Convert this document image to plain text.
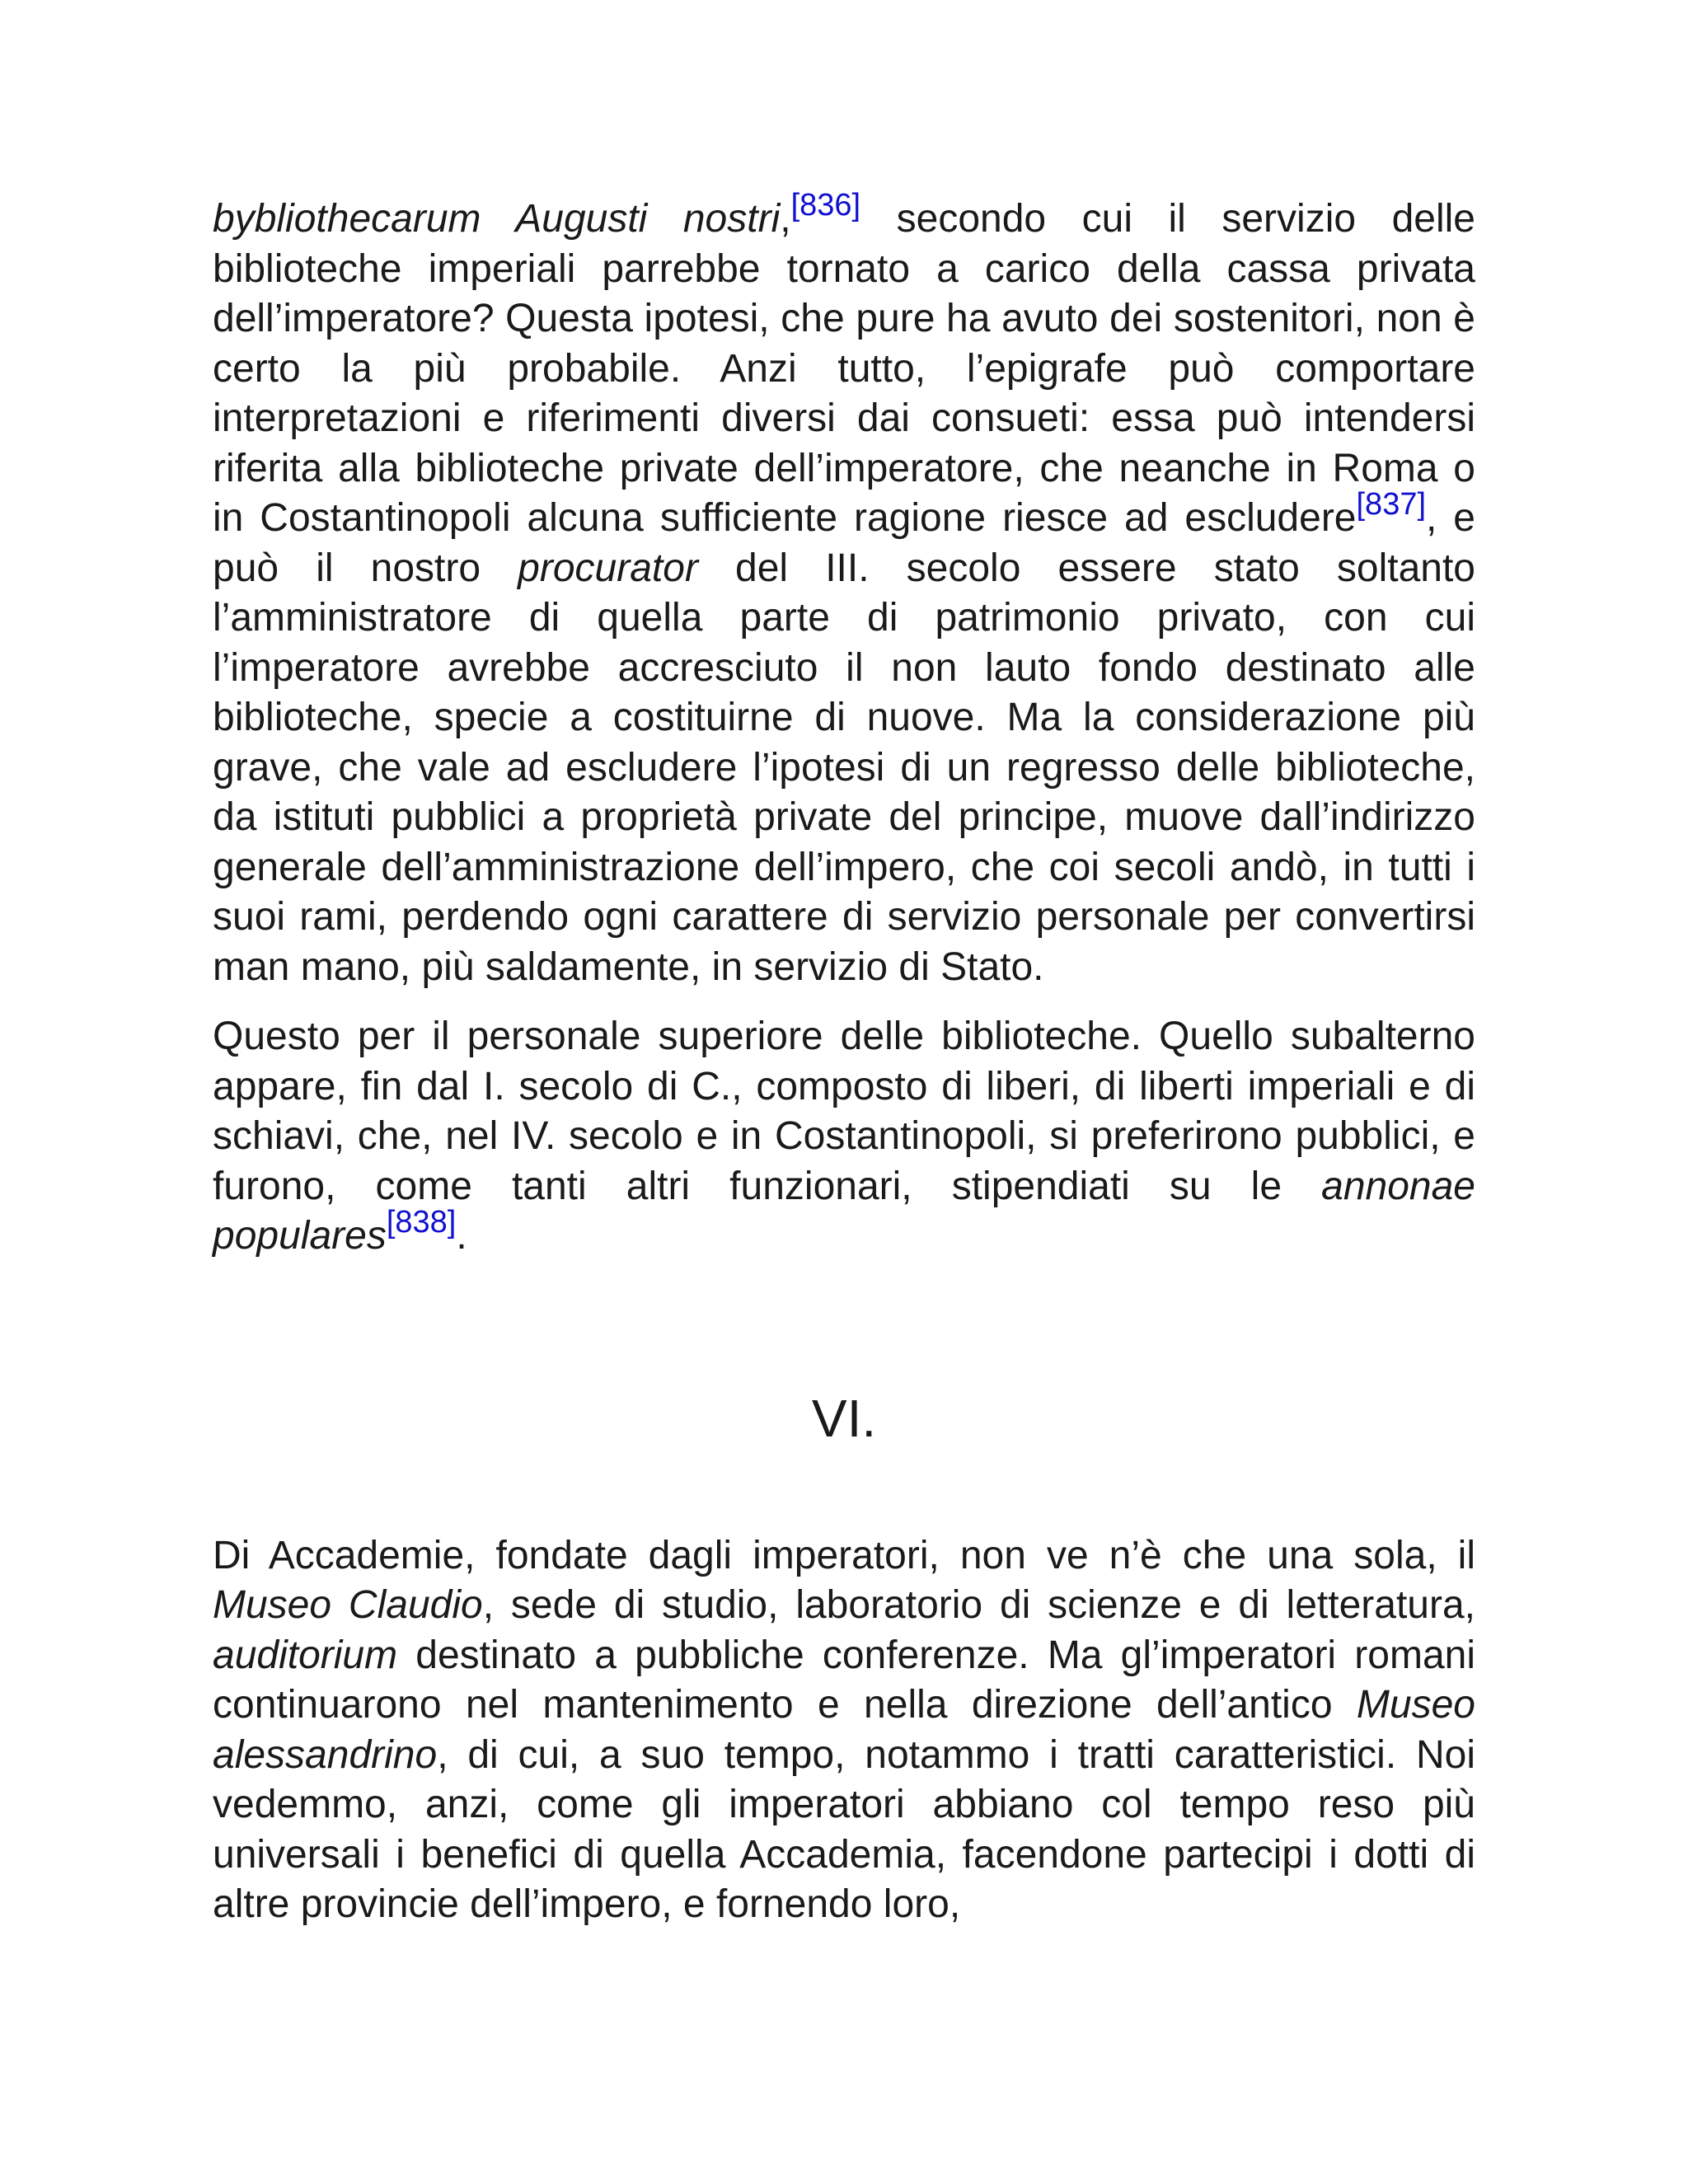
bybliothecarum Augusti nostri,[836] secondo cui il servizio delle biblioteche imperiali parrebbe tornato a carico della cassa privata dell’imperatore? Questa ipotesi, che pure ha avuto dei sostenitori, non è certo la più probabile. Anzi tutto, l’epigrafe può comportare interpretazioni e riferimenti diversi dai consueti: essa può intendersi riferita alla biblioteche private dell’imperatore, che neanche in Roma o in Costantinopoli alcuna sufficiente ragione riesce ad escludere[837], e può il nostro procurator del III. secolo essere stato soltanto l’amministratore di quella parte di patrimonio privato, con cui l’imperatore avrebbe accresciuto il non lauto fondo destinato alle biblioteche, specie a costituirne di nuove. Ma la considerazione più grave, che vale ad escludere l’ipotesi di un regresso delle biblioteche, da istituti pubblici a proprietà private del principe, muove dall’indirizzo generale dell’amministrazione dell’impero, che coi secoli andò, in tutti i suoi rami, perdendo ogni carattere di servizio personale per convertirsi man mano, più saldamente, in servizio di Stato.

Questo per il personale superiore delle biblioteche. Quello subalterno appare, fin dal I. secolo di C., composto di liberi, di liberti imperiali e di schiavi, che, nel IV. secolo e in Costantinopoli, si preferirono pubblici, e furono, come tanti altri funzionari, stipendiati su le annonae populares[838].

VI.

Di Accademie, fondate dagli imperatori, non ve n’è che una sola, il Museo Claudio, sede di studio, laboratorio di scienze e di letteratura, auditorium destinato a pubbliche conferenze. Ma gl’imperatori romani continuarono nel mantenimento e nella direzione dell’antico Museo alessandrino, di cui, a suo tempo, notammo i tratti caratteristici. Noi vedemmo, anzi, come gli imperatori abbiano col tempo reso più universali i benefici di quella Accademia, facendone partecipi i dotti di altre provincie dell’impero, e fornendo loro,
